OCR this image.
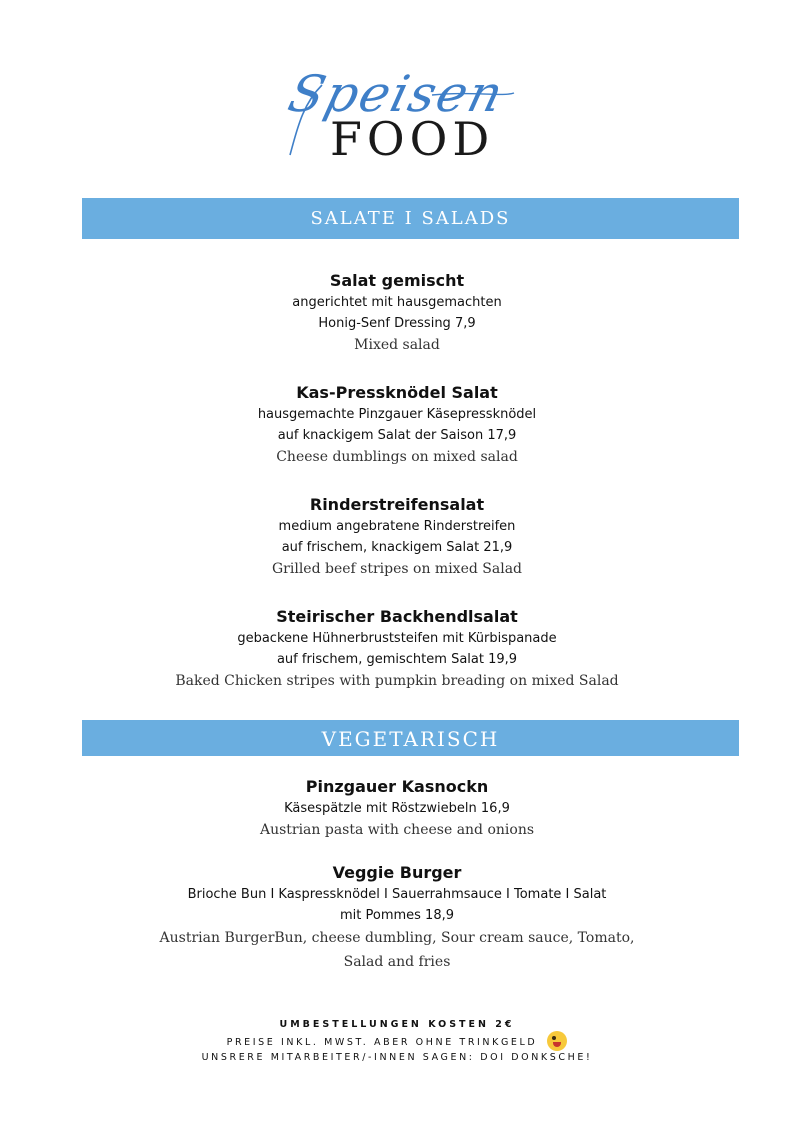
Speisen
FOOD
SALATE I SALADS
Salat gemischt
angerichtet mit hausgemachten
Honig-Senf Dressing 7,9
Mixed salad
Kas-Pressknödel Salat
hausgemachte Pinzgauer Käsepressknödel
auf knackigem Salat der Saison 17,9
Cheese dumblings on mixed salad
Rinderstreifensalat
medium angebratene Rinderstreifen
auf frischem, knackigem Salat 21,9
Grilled beef stripes on mixed Salad
Steirischer Backhendlsalat
gebackene Hühnerbruststeifen mit Kürbispanade
auf frischem, gemischtem Salat 19,9
Baked Chicken stripes with pumpkin breading on mixed Salad
VEGETARISCH
Pinzgauer Kasnockn
Käsespätzle mit Röstzwiebeln 16,9
Austrian pasta with cheese and onions
Veggie Burger
Brioche Bun I Kaspressknödel I Sauerrahmsauce I Tomate I Salat
mit Pommes 18,9
Austrian BurgerBun, cheese dumbling, Sour cream sauce, Tomato,
Salad and fries
UMBESTELLUNGEN KOSTEN 2€
PREISE INKL. MWST. ABER OHNE TRINKGELD
UNSRERE MITARBEITER/-INNEN SAGEN: DOI DONKSCHE!
